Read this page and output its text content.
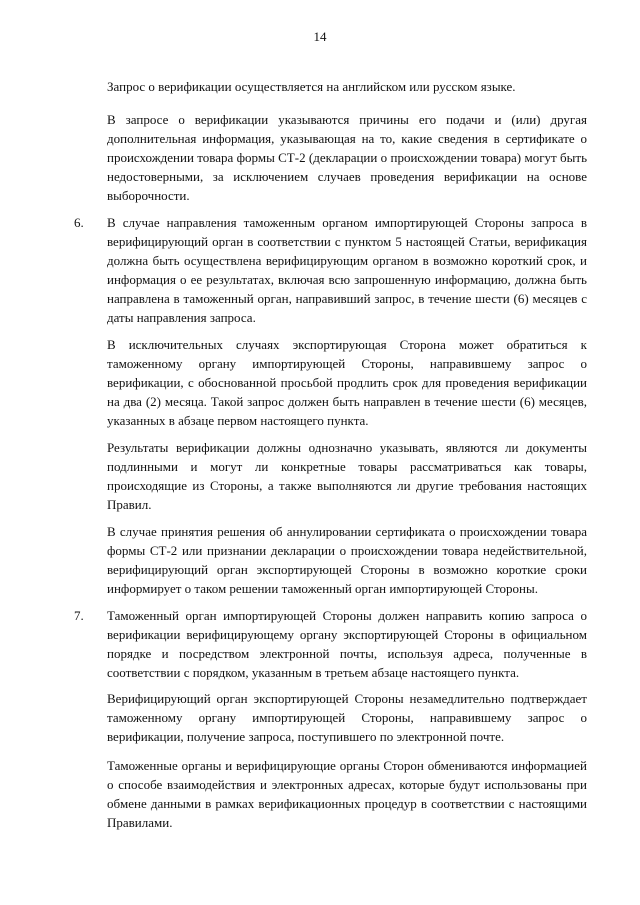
14

Запрос о верификации осуществляется на английском или русском языке.

В запросе о верификации указываются причины его подачи и (или) другая дополнительная информация, указывающая на то, какие сведения в сертификате о происхождении товара формы СТ-2 (декларации о происхождении товара) могут быть недостоверными, за исключением случаев проведения верификации на основе выборочности.

6. В случае направления таможенным органом импортирующей Стороны запроса в верифицирующий орган в соответствии с пунктом 5 настоящей Статьи, верификация должна быть осуществлена верифицирующим органом в возможно короткий срок, и информация о ее результатах, включая всю запрошенную информацию, должна быть направлена в таможенный орган, направивший запрос, в течение шести (6) месяцев с даты направления запроса.

В исключительных случаях экспортирующая Сторона может обратиться к таможенному органу импортирующей Стороны, направившему запрос о верификации, с обоснованной просьбой продлить срок для проведения верификации на два (2) месяца. Такой запрос должен быть направлен в течение шести (6) месяцев, указанных в абзаце первом настоящего пункта.

Результаты верификации должны однозначно указывать, являются ли документы подлинными и могут ли конкретные товары рассматриваться как товары, происходящие из Стороны, а также выполняются ли другие требования настоящих Правил.

В случае принятия решения об аннулировании сертификата о происхождении товара формы СТ-2 или признании декларации о происхождении товара недействительной, верифицирующий орган экспортирующей Стороны в возможно короткие сроки информирует о таком решении таможенный орган импортирующей Стороны.

7. Таможенный орган импортирующей Стороны должен направить копию запроса о верификации верифицирующему органу экспортирующей Стороны в официальном порядке и посредством электронной почты, используя адреса, полученные в соответствии с порядком, указанным в третьем абзаце настоящего пункта.

Верифицирующий орган экспортирующей Стороны незамедлительно подтверждает таможенному органу импортирующей Стороны, направившему запрос о верификации, получение запроса, поступившего по электронной почте.

Таможенные органы и верифицирующие органы Сторон обмениваются информацией о способе взаимодействия и электронных адресах, которые будут использованы при обмене данными в рамках верификационных процедур в соответствии с настоящими Правилами.
